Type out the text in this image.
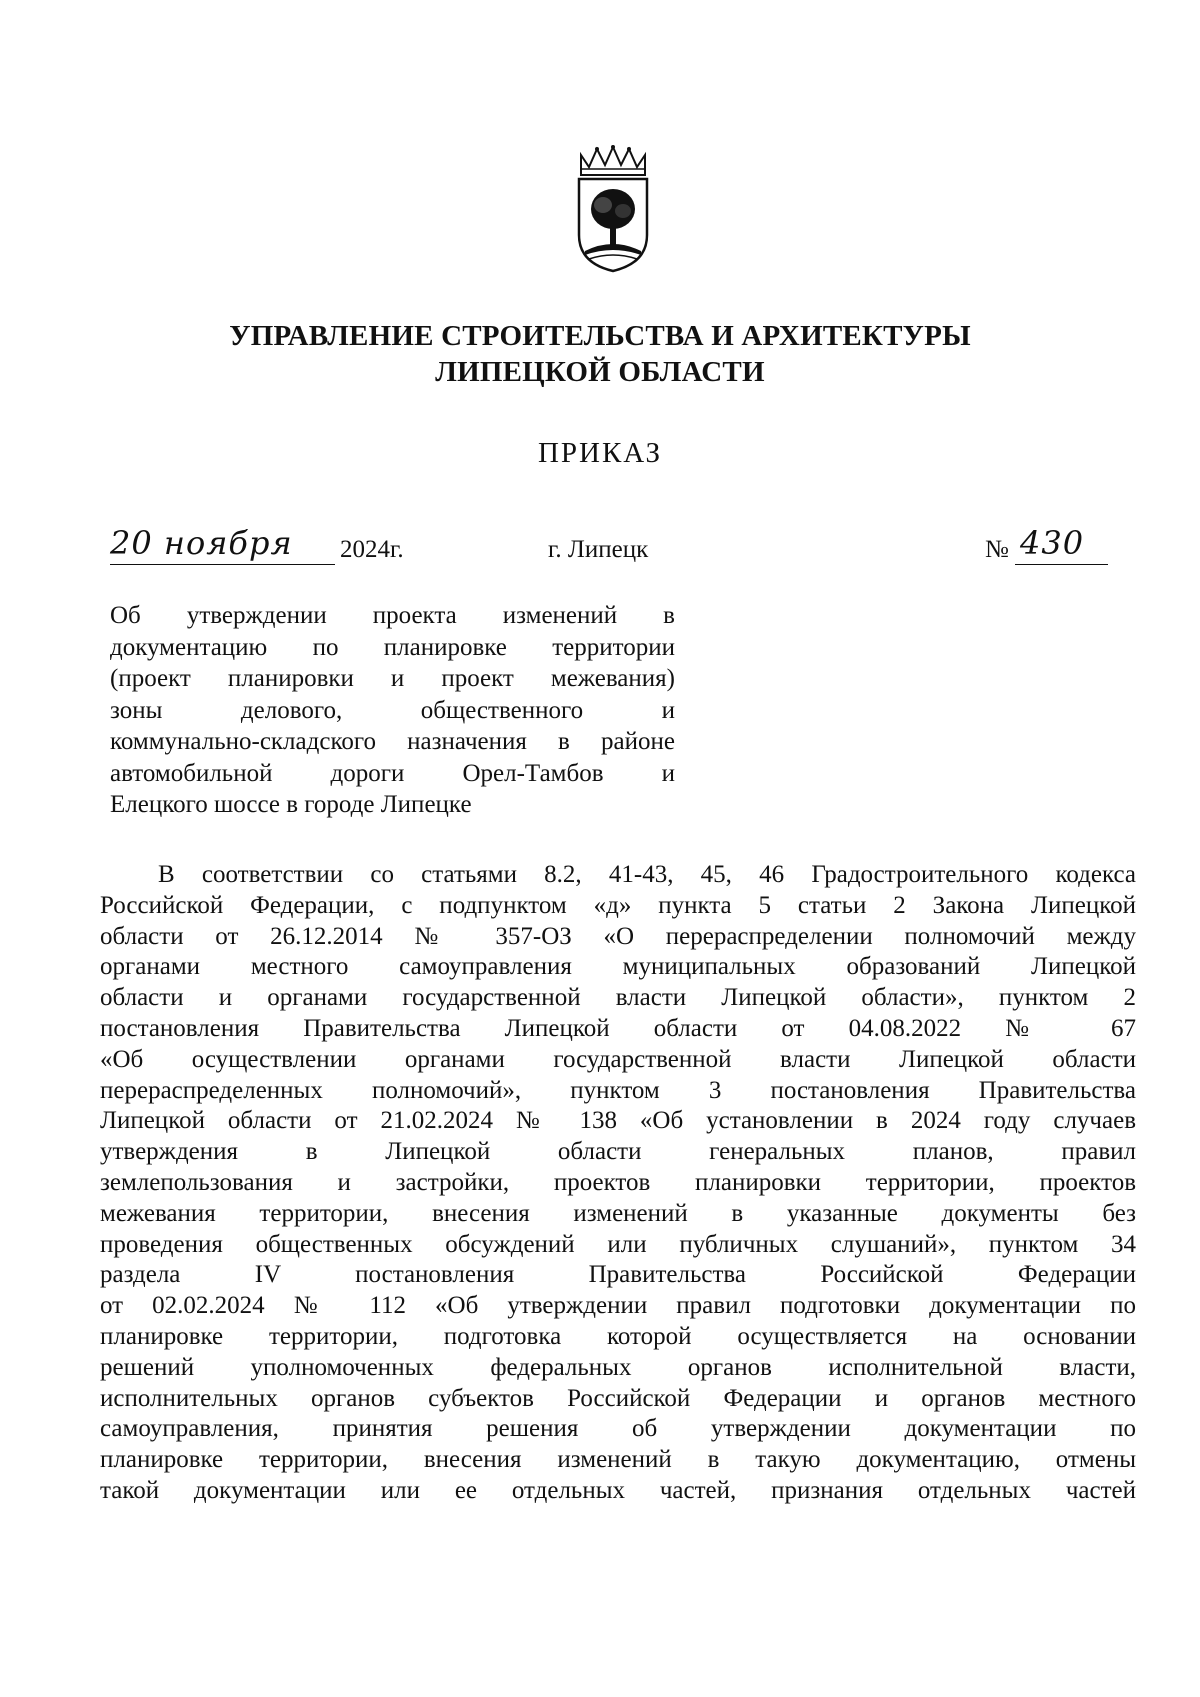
УПРАВЛЕНИЕ СТРОИТЕЛЬСТВА И АРХИТЕКТУРЫ
ЛИПЕЦКОЙ ОБЛАСТИ
ПРИКАЗ
20 ноября 2024г.	г. Липецк	№ 430
Об утверждении проекта изменений в
документацию по планировке территории
(проект планировки и проект межевания)
зоны делового, общественного и
коммунально-складского назначения в районе
автомобильной дороги Орел-Тамбов и
Елецкого шоссе в городе Липецке
В соответствии со статьями 8.2, 41-43, 45, 46 Градостроительного кодекса
Российской Федерации, с подпунктом «д» пункта 5 статьи 2 Закона Липецкой
области от 26.12.2014 № 357-ОЗ «О перераспределении полномочий между
органами местного самоуправления муниципальных образований Липецкой
области и органами государственной власти Липецкой области», пунктом 2
постановления Правительства Липецкой области от 04.08.2022 № 67
«Об осуществлении органами государственной власти Липецкой области
перераспределенных полномочий», пунктом 3 постановления Правительства
Липецкой области от 21.02.2024 № 138 «Об установлении в 2024 году случаев
утверждения в Липецкой области генеральных планов, правил
землепользования и застройки, проектов планировки территории, проектов
межевания территории, внесения изменений в указанные документы без
проведения общественных обсуждений или публичных слушаний», пунктом 34
раздела IV постановления Правительства Российской Федерации
от 02.02.2024 № 112 «Об утверждении правил подготовки документации по
планировке территории, подготовка которой осуществляется на основании
решений уполномоченных федеральных органов исполнительной власти,
исполнительных органов субъектов Российской Федерации и органов местного
самоуправления, принятия решения об утверждении документации по
планировке территории, внесения изменений в такую документацию, отмены
такой документации или ее отдельных частей, признания отдельных частей
